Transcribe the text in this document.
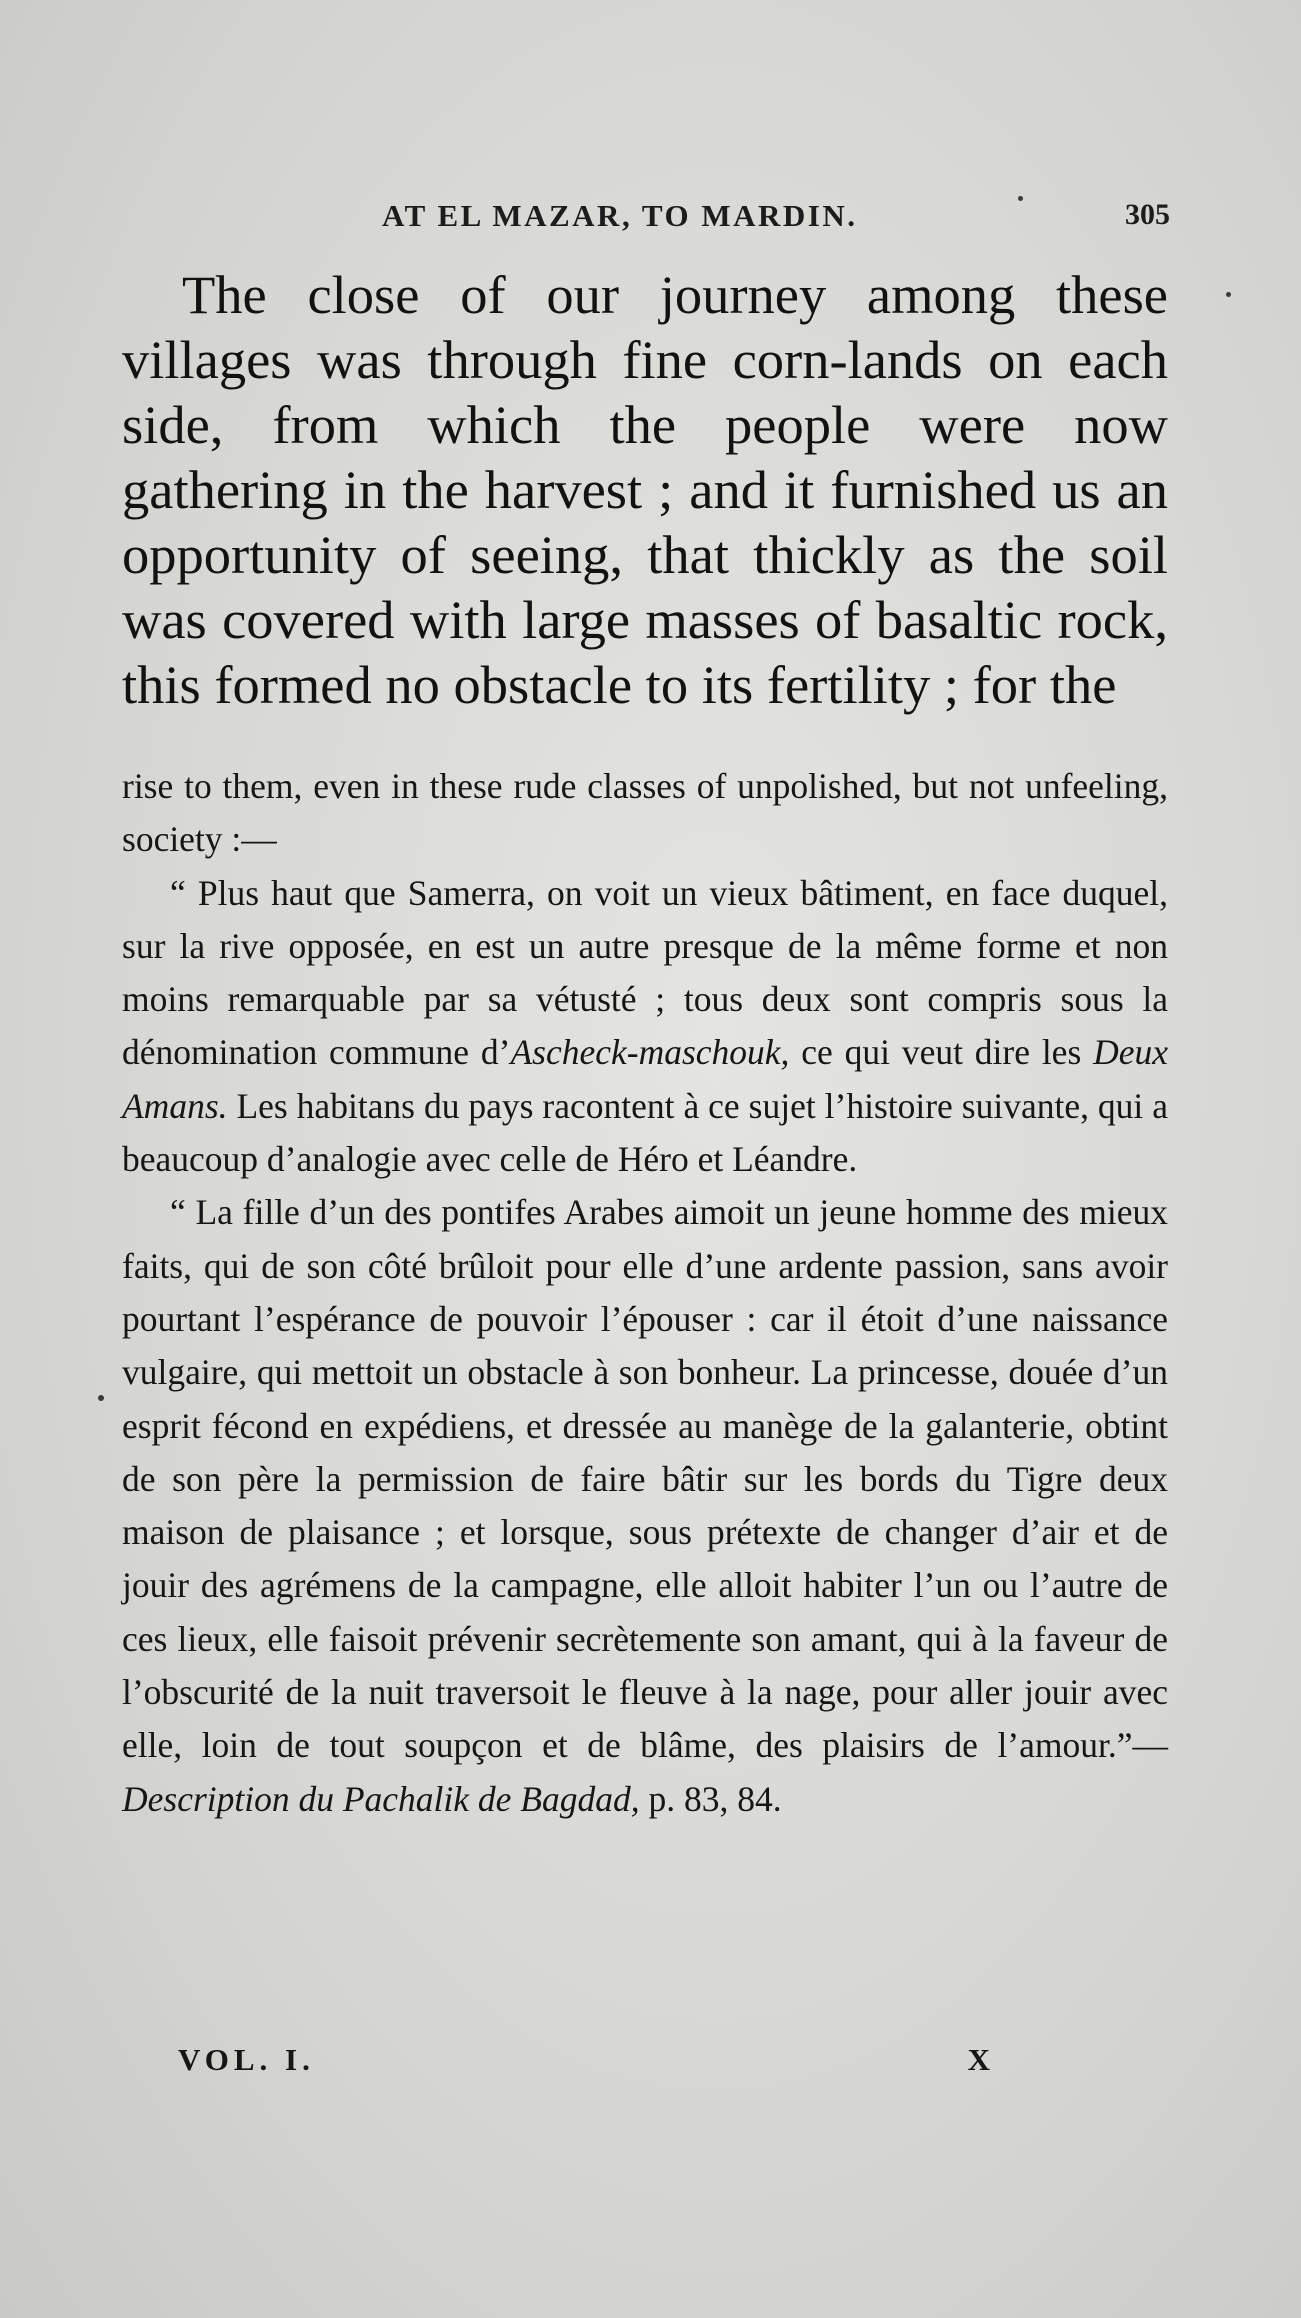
AT EL MAZAR, TO MARDIN.	305

The close of our journey among these villages was through fine corn-lands on each side, from which the people were now gathering in the harvest ; and it furnished us an opportunity of seeing, that thickly as the soil was covered with large masses of basaltic rock, this formed no obstacle to its fertility ; for the

rise to them, even in these rude classes of unpolished, but not unfeeling, society :—

“ Plus haut que Samerra, on voit un vieux bâtiment, en face duquel, sur la rive opposée, en est un autre presque de la même forme et non moins remarquable par sa vétusté ; tous deux sont compris sous la dénomination commune d’Ascheck-maschouk, ce qui veut dire les Deux Amans. Les habitans du pays racontent à ce sujet l’histoire suivante, qui a beaucoup d’analogie avec celle de Héro et Léandre.

“ La fille d’un des pontifes Arabes aimoit un jeune homme des mieux faits, qui de son côté brûloit pour elle d’une ardente passion, sans avoir pourtant l’espérance de pouvoir l’épouser : car il étoit d’une naissance vulgaire, qui mettoit un obstacle à son bonheur. La princesse, douée d’un esprit fécond en expédiens, et dressée au manège de la galanterie, obtint de son père la permission de faire bâtir sur les bords du Tigre deux maison de plaisance ; et lorsque, sous prétexte de changer d’air et de jouir des agrémens de la campagne, elle alloit habiter l’un ou l’autre de ces lieux, elle faisoit prévenir secrètemente son amant, qui à la faveur de l’obscurité de la nuit traversoit le fleuve à la nage, pour aller jouir avec elle, loin de tout soupçon et de blâme, des plaisirs de l’amour.”—Description du Pachalik de Bagdad, p. 83, 84.

VOL. I.	X
